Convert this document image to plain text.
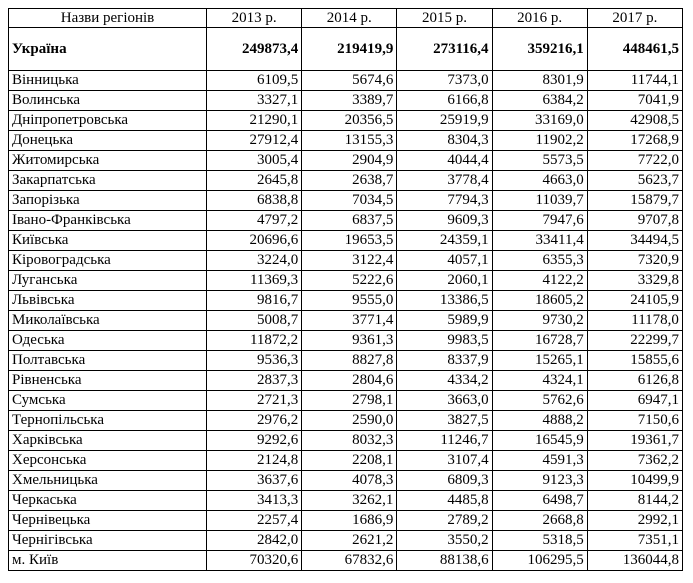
Назви регіонів	2013 р.	2014 р.	2015 р.	2016 р.	2017 р.
Україна	249873,4	219419,9	273116,4	359216,1	448461,5
Вінницька	6109,5	5674,6	7373,0	8301,9	11744,1
Волинська	3327,1	3389,7	6166,8	6384,2	7041,9
Дніпропетровська	21290,1	20356,5	25919,9	33169,0	42908,5
Донецька	27912,4	13155,3	8304,3	11902,2	17268,9
Житомирська	3005,4	2904,9	4044,4	5573,5	7722,0
Закарпатська	2645,8	2638,7	3778,4	4663,0	5623,7
Запорізька	6838,8	7034,5	7794,3	11039,7	15879,7
Івано-Франківська	4797,2	6837,5	9609,3	7947,6	9707,8
Київська	20696,6	19653,5	24359,1	33411,4	34494,5
Кіровоградська	3224,0	3122,4	4057,1	6355,3	7320,9
Луганська	11369,3	5222,6	2060,1	4122,2	3329,8
Львівська	9816,7	9555,0	13386,5	18605,2	24105,9
Миколаївська	5008,7	3771,4	5989,9	9730,2	11178,0
Одеська	11872,2	9361,3	9983,5	16728,7	22299,7
Полтавська	9536,3	8827,8	8337,9	15265,1	15855,6
Рівненська	2837,3	2804,6	4334,2	4324,1	6126,8
Сумська	2721,3	2798,1	3663,0	5762,6	6947,1
Тернопільська	2976,2	2590,0	3827,5	4888,2	7150,6
Харківська	9292,6	8032,3	11246,7	16545,9	19361,7
Херсонська	2124,8	2208,1	3107,4	4591,3	7362,2
Хмельницька	3637,6	4078,3	6809,3	9123,3	10499,9
Черкаська	3413,3	3262,1	4485,8	6498,7	8144,2
Чернівецька	2257,4	1686,9	2789,2	2668,8	2992,1
Чернігівська	2842,0	2621,2	3550,2	5318,5	7351,1
м. Київ	70320,6	67832,6	88138,6	106295,5	136044,8
